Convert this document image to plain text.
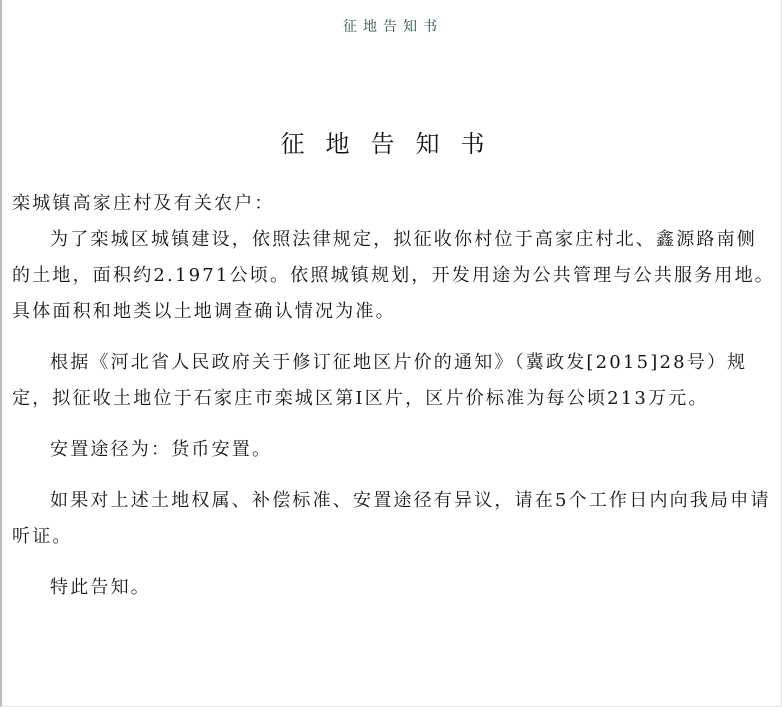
征地告知书
征地告知书

栾城镇高家庄村及有关农户：

为了栾城区城镇建设，依照法律规定，拟征收你村位于高家庄村北、鑫源路南侧的土地，面积约2.1971公顷。依照城镇规划，开发用途为公共管理与公共服务用地。具体面积和地类以土地调查确认情况为准。

根据《河北省人民政府关于修订征地区片价的通知》（冀政发[2015]28号）规定，拟征收土地位于石家庄市栾城区第Ⅰ区片，区片价标准为每公顷213万元。

安置途径为：货币安置。

如果对上述土地权属、补偿标准、安置途径有异议，请在5个工作日内向我局申请听证。

特此告知。
